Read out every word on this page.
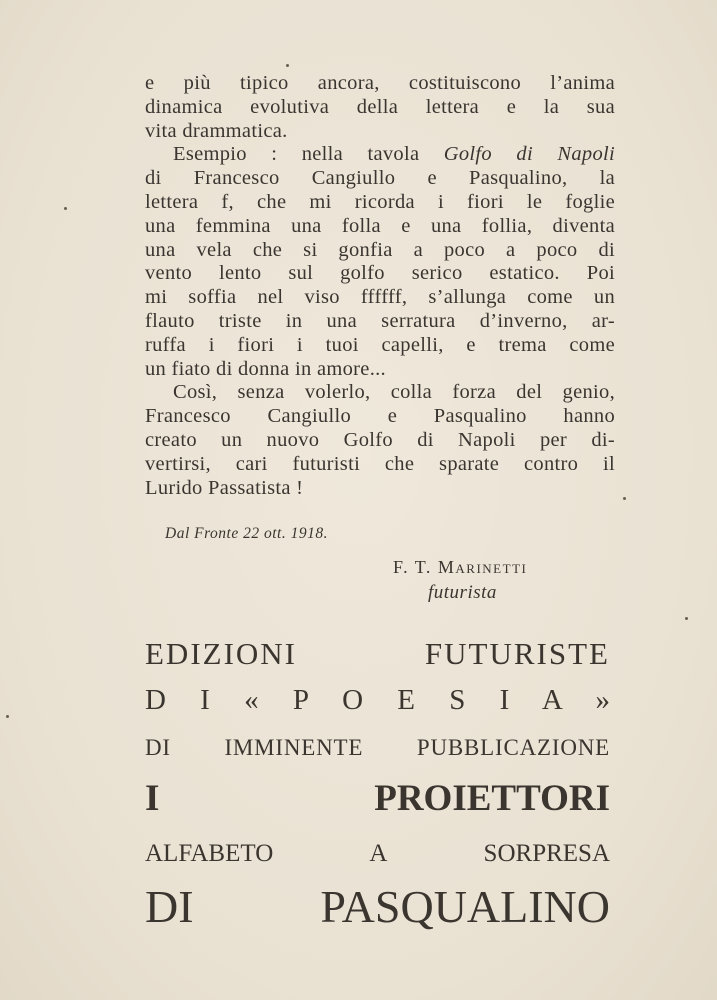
e più tipico ancora, costituiscono l’anima
dinamica evolutiva della lettera e la sua
vita drammatica.
Esempio : nella tavola Golfo di Napoli
di Francesco Cangiullo e Pasqualino, la
lettera f, che mi ricorda i fiori le foglie
una femmina una folla e una follia, diventa
una vela che si gonfia a poco a poco di
vento lento sul golfo serico estatico. Poi
mi soffia nel viso ffffff, s’allunga come un
flauto triste in una serratura d’inverno, ar-
ruffa i fiori i tuoi capelli, e trema come
un fiato di donna in amore...
Così, senza volerlo, colla forza del genio,
Francesco Cangiullo e Pasqualino hanno
creato un nuovo Golfo di Napoli per di-
vertirsi, cari futuristi che sparate contro il
Lurido Passatista !
Dal Fronte 22 ott. 1918.
F. T. Marinetti
futurista
EDIZIONI FUTURISTE
D I « P O E S I A »
DI IMMINENTE PUBBLICAZIONE
I PROIETTORI
ALFABETO A SORPRESA
DI PASQUALINO
